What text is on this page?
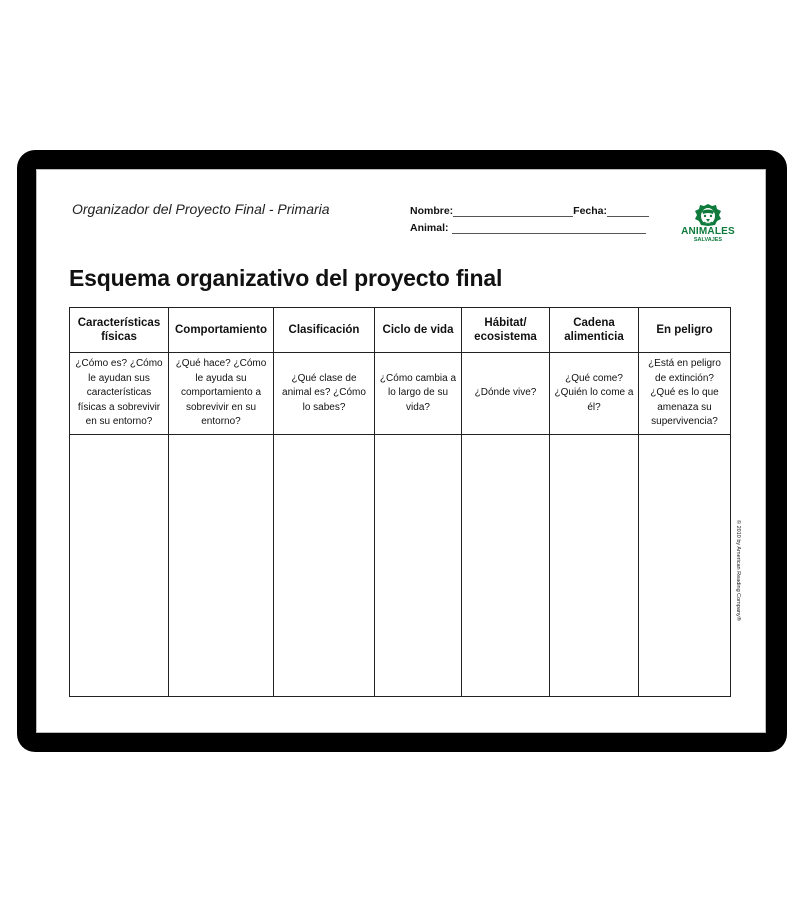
Organizador del Proyecto Final - Primaria	Nombre:	Fecha:
Animal:	ANIMALES
SALVAJES
Esquema organizativo del proyecto final
Características físicas	Comportamiento	Clasificación	Ciclo de vida	Hábitat/ ecosistema	Cadena alimenticia	En peligro
¿Cómo es? ¿Cómo le ayudan sus características físicas a sobrevivir en su entorno?	¿Qué hace? ¿Cómo le ayuda su comportamiento a sobrevivir en su entorno?	¿Qué clase de animal es? ¿Cómo lo sabes?	¿Cómo cambia a lo largo de su vida?	¿Dónde vive?	¿Qué come? ¿Quién lo come a él?	¿Está en peligro de extinción? ¿Qué es lo que amenaza su supervivencia?

© 2010 by American Reading Company®
